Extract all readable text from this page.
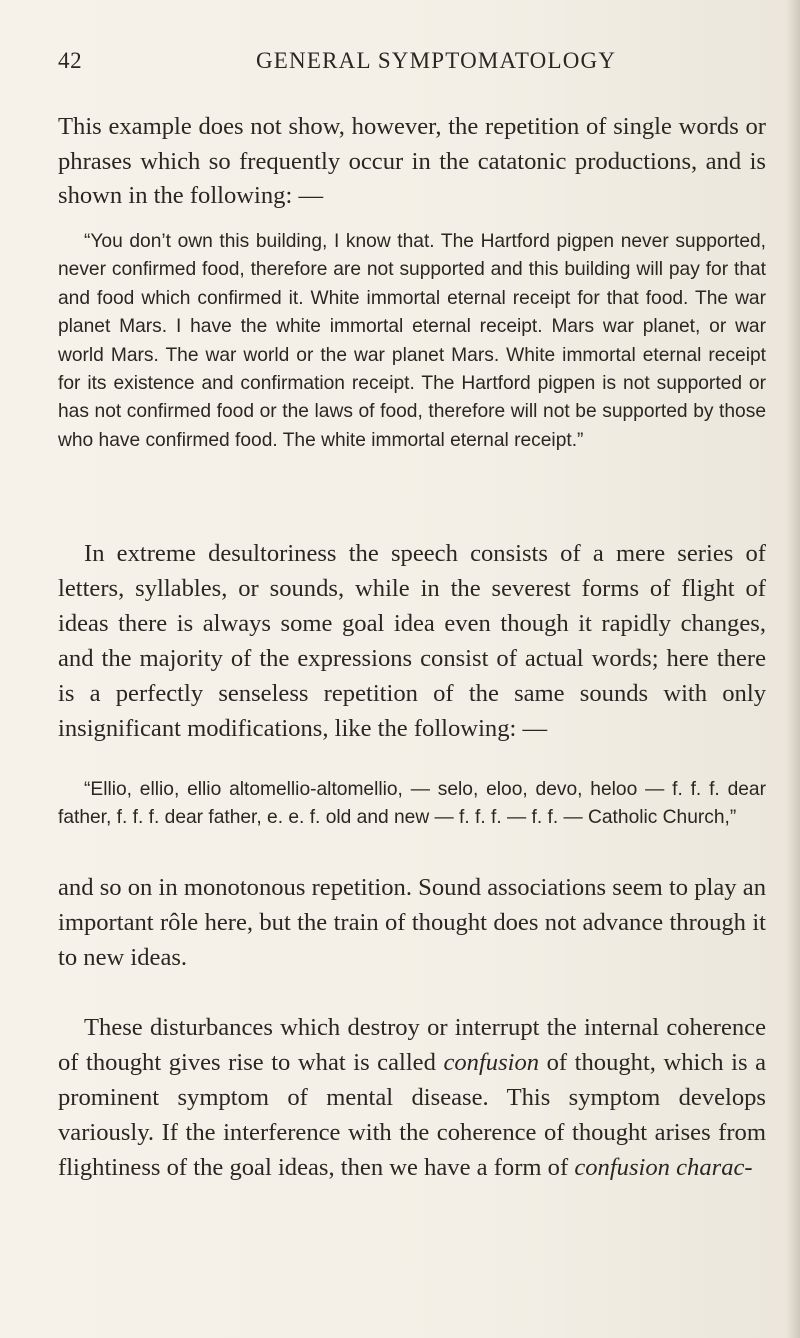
42	GENERAL SYMPTOMATOLOGY

This example does not show, however, the repetition of single words or phrases which so frequently occur in the catatonic productions, and is shown in the following: —

“You don’t own this building, I know that. The Hartford pigpen never supported, never confirmed food, therefore are not supported and this building will pay for that and food which confirmed it. White immortal eternal receipt for that food. The war planet Mars. I have the white immortal eternal receipt. Mars war planet, or war world Mars. The war world or the war planet Mars. White immortal eternal receipt for its existence and confirmation receipt. The Hartford pigpen is not supported or has not confirmed food or the laws of food, therefore will not be supported by those who have confirmed food. The white immortal eternal receipt.”

In extreme desultoriness the speech consists of a mere series of letters, syllables, or sounds, while in the severest forms of flight of ideas there is always some goal idea even though it rapidly changes, and the majority of the expressions consist of actual words; here there is a perfectly senseless repetition of the same sounds with only insignificant modifications, like the following: —

“Ellio, ellio, ellio altomellio-altomellio, — selo, eloo, devo, heloo — f. f. f. dear father, f. f. f. dear father, e. e. f. old and new — f. f. f. — f. f. — Catholic Church,”

and so on in monotonous repetition. Sound associations seem to play an important rôle here, but the train of thought does not advance through it to new ideas.

These disturbances which destroy or interrupt the internal coherence of thought gives rise to what is called confusion of thought, which is a prominent symptom of mental disease. This symptom develops variously. If the interference with the coherence of thought arises from flightiness of the goal ideas, then we have a form of confusion charac-
